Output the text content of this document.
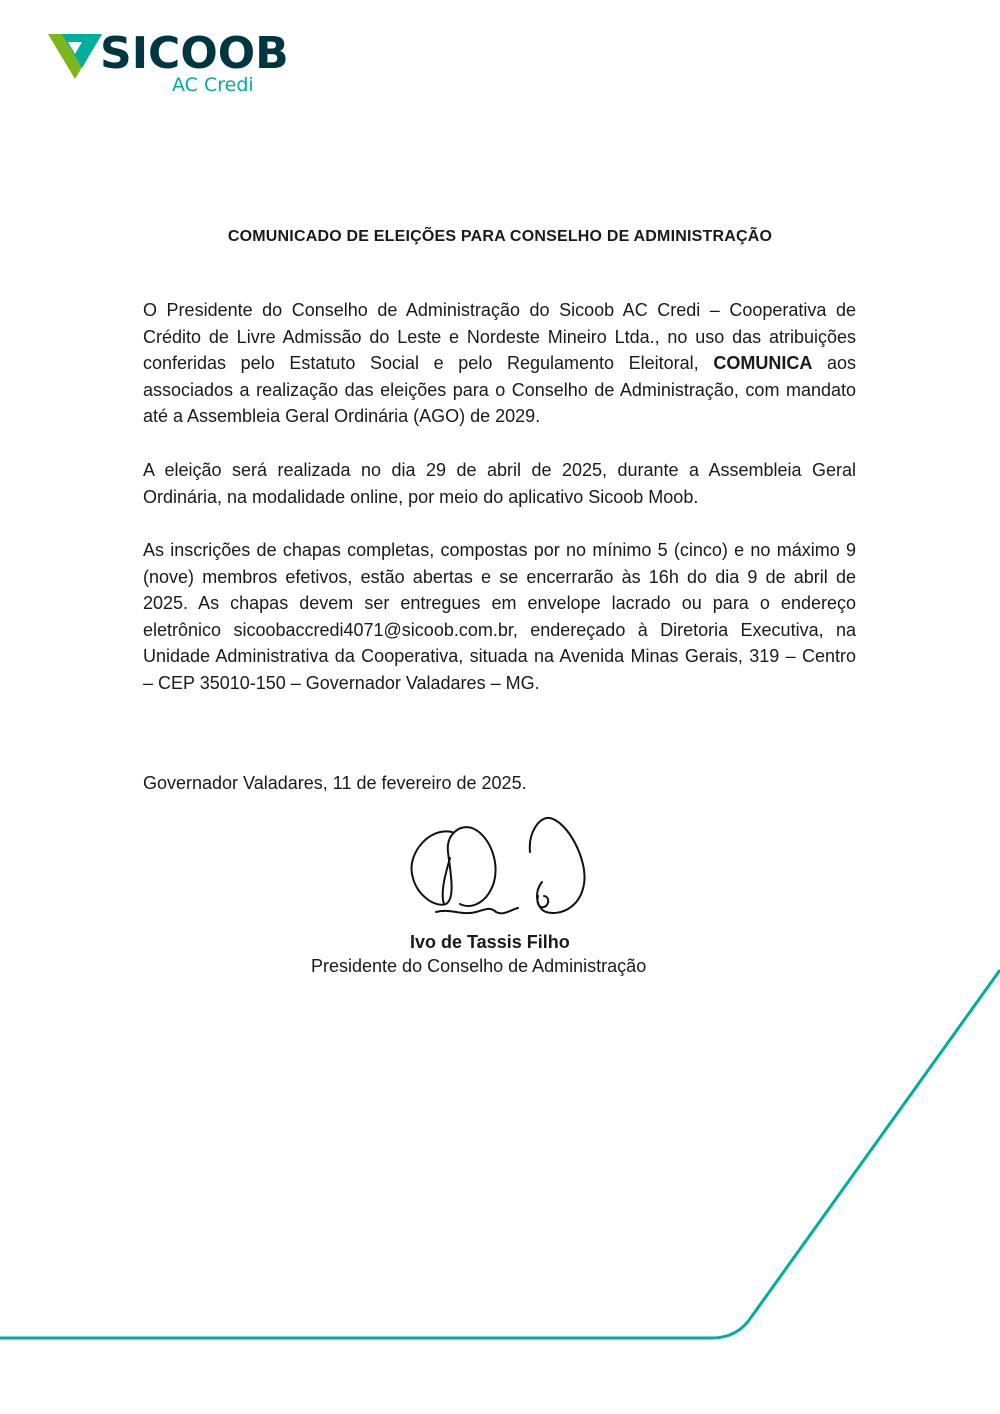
SICOOB
AC Credi
COMUNICADO DE ELEIÇÕES PARA CONSELHO DE ADMINISTRAÇÃO

O Presidente do Conselho de Administração do Sicoob AC Credi – Cooperativa de Crédito de Livre Admissão do Leste e Nordeste Mineiro Ltda., no uso das atribuições conferidas pelo Estatuto Social e pelo Regulamento Eleitoral, COMUNICA aos associados a realização das eleições para o Conselho de Administração, com mandato até a Assembleia Geral Ordinária (AGO) de 2029.

A eleição será realizada no dia 29 de abril de 2025, durante a Assembleia Geral Ordinária, na modalidade online, por meio do aplicativo Sicoob Moob.

As inscrições de chapas completas, compostas por no mínimo 5 (cinco) e no máximo 9 (nove) membros efetivos, estão abertas e se encerrarão às 16h do dia 9 de abril de 2025. As chapas devem ser entregues em envelope lacrado ou para o endereço eletrônico sicoobaccredi4071@sicoob.com.br, endereçado à Diretoria Executiva, na Unidade Administrativa da Cooperativa, situada na Avenida Minas Gerais, 319 – Centro – CEP 35010-150 – Governador Valadares – MG.

Governador Valadares, 11 de fevereiro de 2025.
Ivo de Tassis Filho
Presidente do Conselho de Administração
